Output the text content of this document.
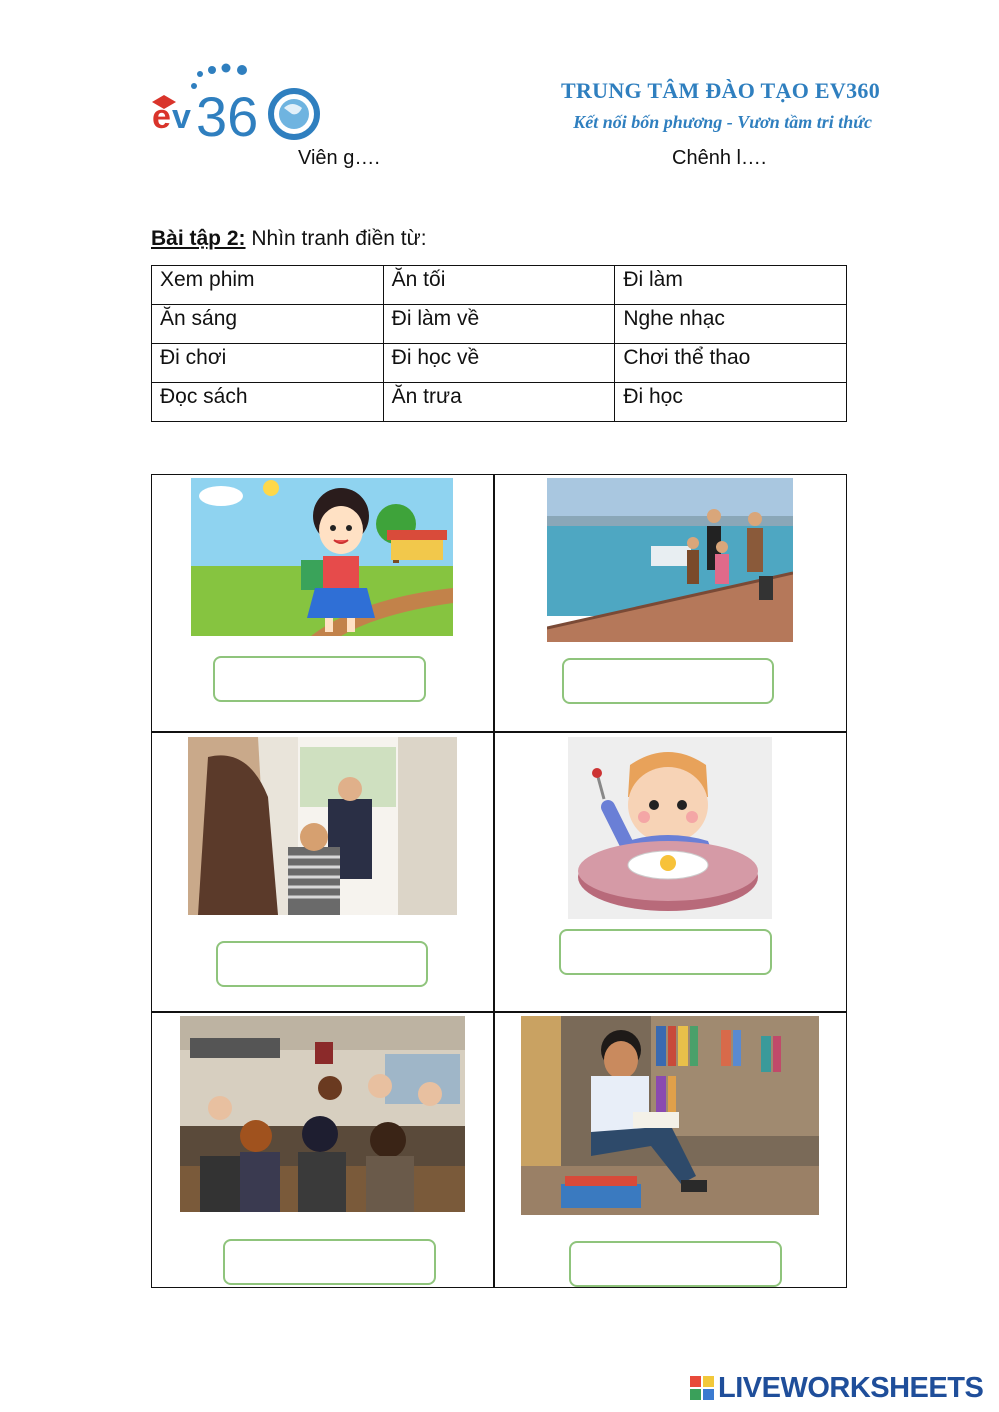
e v 36	TRUNG TÂM ĐÀO TẠO EV360
Kết nối bốn phương - Vươn tầm tri thức
Viên g….	Chênh l….
Bài tập 2: Nhìn tranh điền từ:
Xem phim	Ăn tối	Đi làm
Ăn sáng	Đi làm về	Nghe nhạc
Đi chơi	Đi học về	Chơi thể thao
Đọc sách	Ăn trưa	Đi học
LIVEWORKSHEETS
